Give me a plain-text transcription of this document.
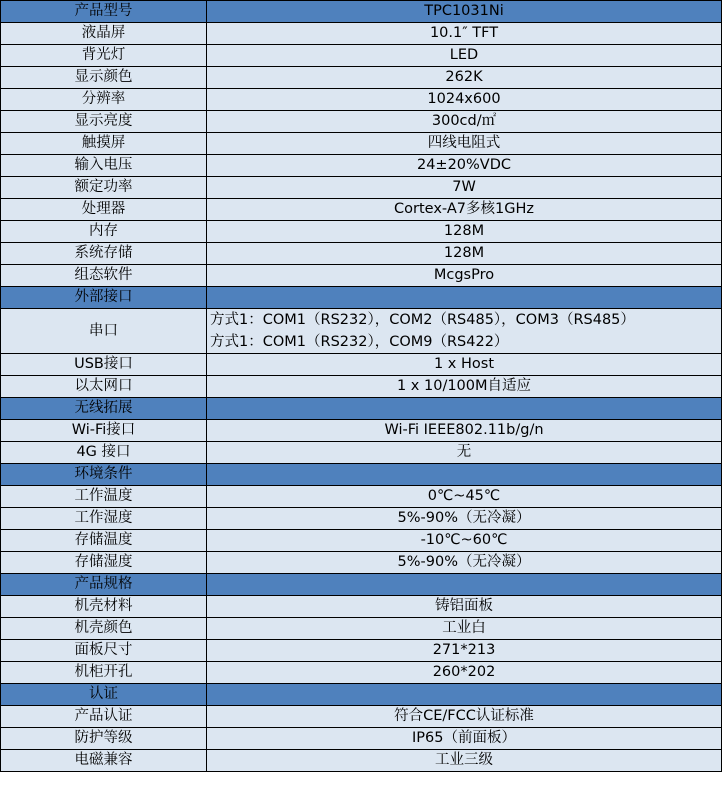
产品型号	TPC1031Ni
液晶屏	10.1″ TFT
背光灯	LED
显示颜色	262K
分辨率	1024x600
显示亮度	300cd/㎡
触摸屏	四线电阻式
输入电压	24±20%VDC
额定功率	7W
处理器	Cortex-A7多核1GHz
内存	128M
系统存储	128M
组态软件	McgsPro
外部接口	
串口	方式1：COM1（RS232），COM2（RS485），COM3（RS485）
方式1：COM1（RS232），COM9（RS422）

USB接口	1 x Host
以太网口	1 x 10/100M自适应
无线拓展	
Wi-Fi接口	Wi-Fi IEEE802.11b/g/n
4G 接口	无
环境条件	
工作温度	0℃~45℃
工作湿度	5%-90%（无冷凝）
存储温度	-10℃~60℃
存储湿度	5%-90%（无冷凝）
产品规格	
机壳材料	铸铝面板
机壳颜色	工业白
面板尺寸	271*213
机柜开孔	260*202
认证	
产品认证	符合CE/FCC认证标准
防护等级	IP65（前面板）
电磁兼容	工业三级
